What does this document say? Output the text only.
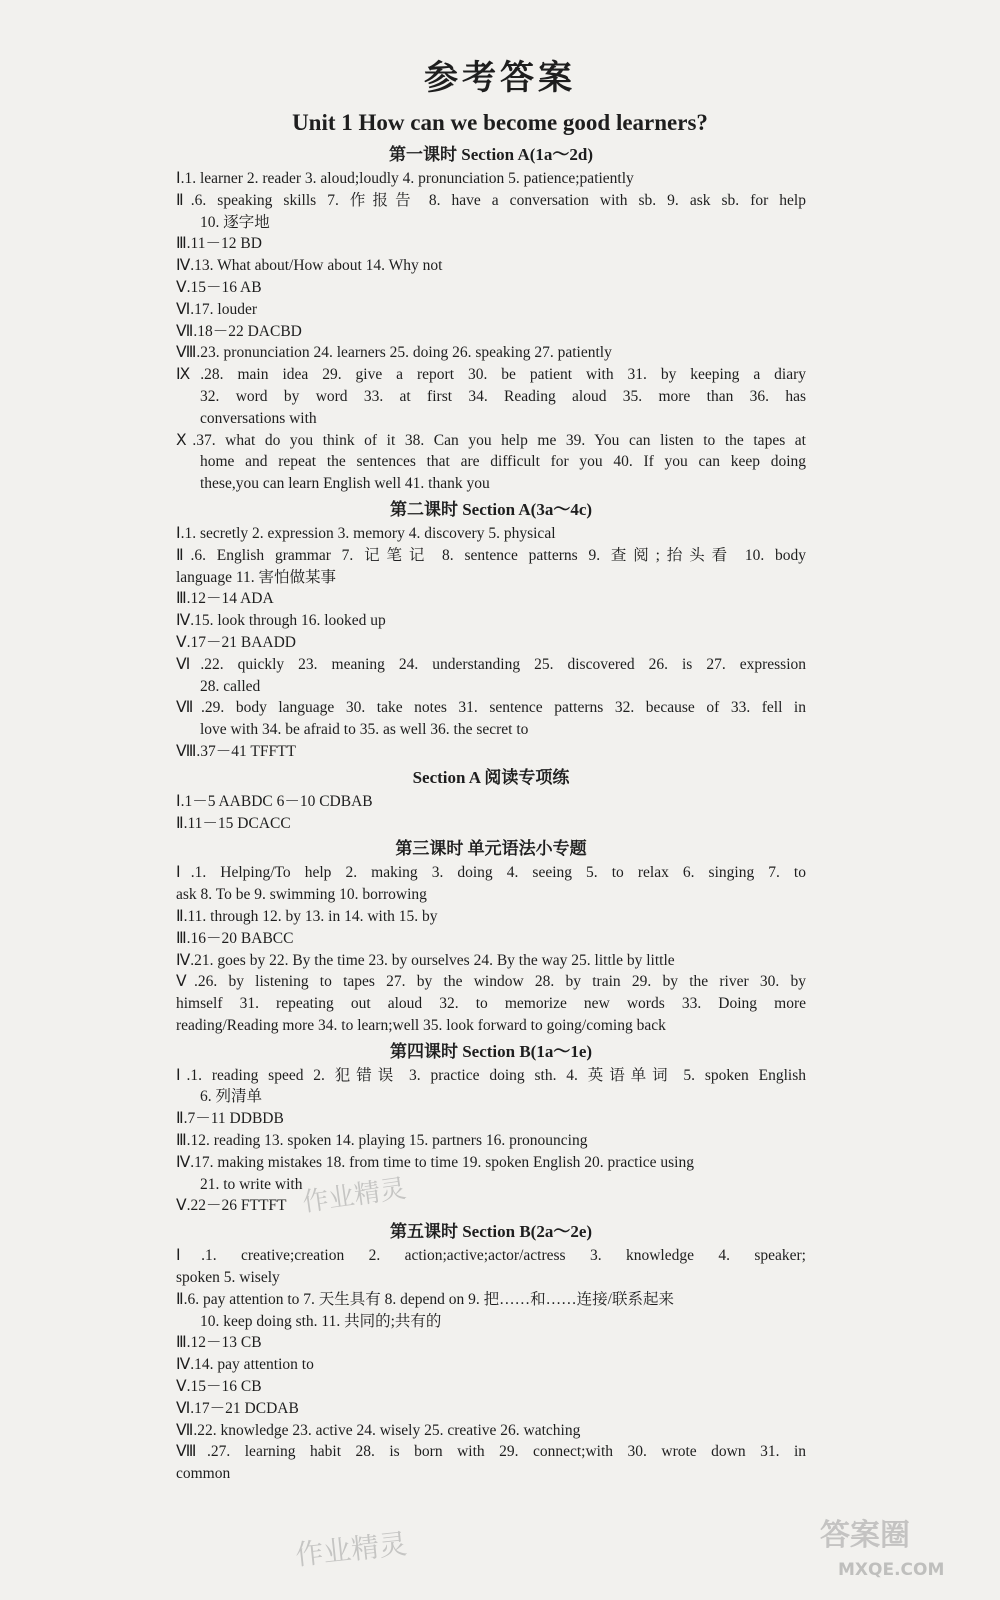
参考答案
Unit 1 How can we become good learners?
第一课时 Section A(1a～2d)
Ⅰ.1. learner 2. reader 3. aloud;loudly 4. pronunciation 5. patience;patiently
Ⅱ.6. speaking skills 7. 作报告 8. have a conversation with sb. 9. ask sb. for help
10. 逐字地
Ⅲ.11－12 BD
Ⅳ.13. What about/How about 14. Why not
Ⅴ.15－16 AB
Ⅵ.17. louder
Ⅶ.18－22 DACBD
Ⅷ.23. pronunciation 24. learners 25. doing 26. speaking 27. patiently
Ⅸ.28. main idea 29. give a report 30. be patient with 31. by keeping a diary
32. word by word 33. at first 34. Reading aloud 35. more than 36. has
conversations with
Ⅹ.37. what do you think of it 38. Can you help me 39. You can listen to the tapes at
home and repeat the sentences that are difficult for you 40. If you can keep doing
these,you can learn English well 41. thank you
第二课时 Section A(3a～4c)
Ⅰ.1. secretly 2. expression 3. memory 4. discovery 5. physical
Ⅱ.6. English grammar 7. 记笔记 8. sentence patterns 9. 查阅;抬头看 10. body
language 11. 害怕做某事
Ⅲ.12－14 ADA
Ⅳ.15. look through 16. looked up
Ⅴ.17－21 BAADD
Ⅵ.22. quickly 23. meaning 24. understanding 25. discovered 26. is 27. expression
28. called
Ⅶ.29. body language 30. take notes 31. sentence patterns 32. because of 33. fell in
love with 34. be afraid to 35. as well 36. the secret to
Ⅷ.37－41 TFFTT
Section A 阅读专项练
Ⅰ.1－5 AABDC 6－10 CDBAB
Ⅱ.11－15 DCACC
第三课时 单元语法小专题
Ⅰ.1. Helping/To help 2. making 3. doing 4. seeing 5. to relax 6. singing 7. to
ask 8. To be 9. swimming 10. borrowing
Ⅱ.11. through 12. by 13. in 14. with 15. by
Ⅲ.16－20 BABCC
Ⅳ.21. goes by 22. By the time 23. by ourselves 24. By the way 25. little by little
Ⅴ.26. by listening to tapes 27. by the window 28. by train 29. by the river 30. by
himself 31. repeating out aloud 32. to memorize new words 33. Doing more
reading/Reading more 34. to learn;well 35. look forward to going/coming back
第四课时 Section B(1a～1e)
Ⅰ.1. reading speed 2. 犯错误 3. practice doing sth. 4. 英语单词 5. spoken English
6. 列清单
Ⅱ.7－11 DDBDB
Ⅲ.12. reading 13. spoken 14. playing 15. partners 16. pronouncing
Ⅳ.17. making mistakes 18. from time to time 19. spoken English 20. practice using
21. to write with
Ⅴ.22－26 FTTFT
第五课时 Section B(2a～2e)
Ⅰ.1. creative;creation 2. action;active;actor/actress 3. knowledge 4. speaker;
spoken 5. wisely
Ⅱ.6. pay attention to 7. 天生具有 8. depend on 9. 把……和……连接/联系起来
10. keep doing sth. 11. 共同的;共有的
Ⅲ.12－13 CB
Ⅳ.14. pay attention to
Ⅴ.15－16 CB
Ⅵ.17－21 DCDAB
Ⅶ.22. knowledge 23. active 24. wisely 25. creative 26. watching
Ⅷ.27. learning habit 28. is born with 29. connect;with 30. wrote down 31. in
common
作业精灵
作业精灵	答案圈
MXQE.COM
